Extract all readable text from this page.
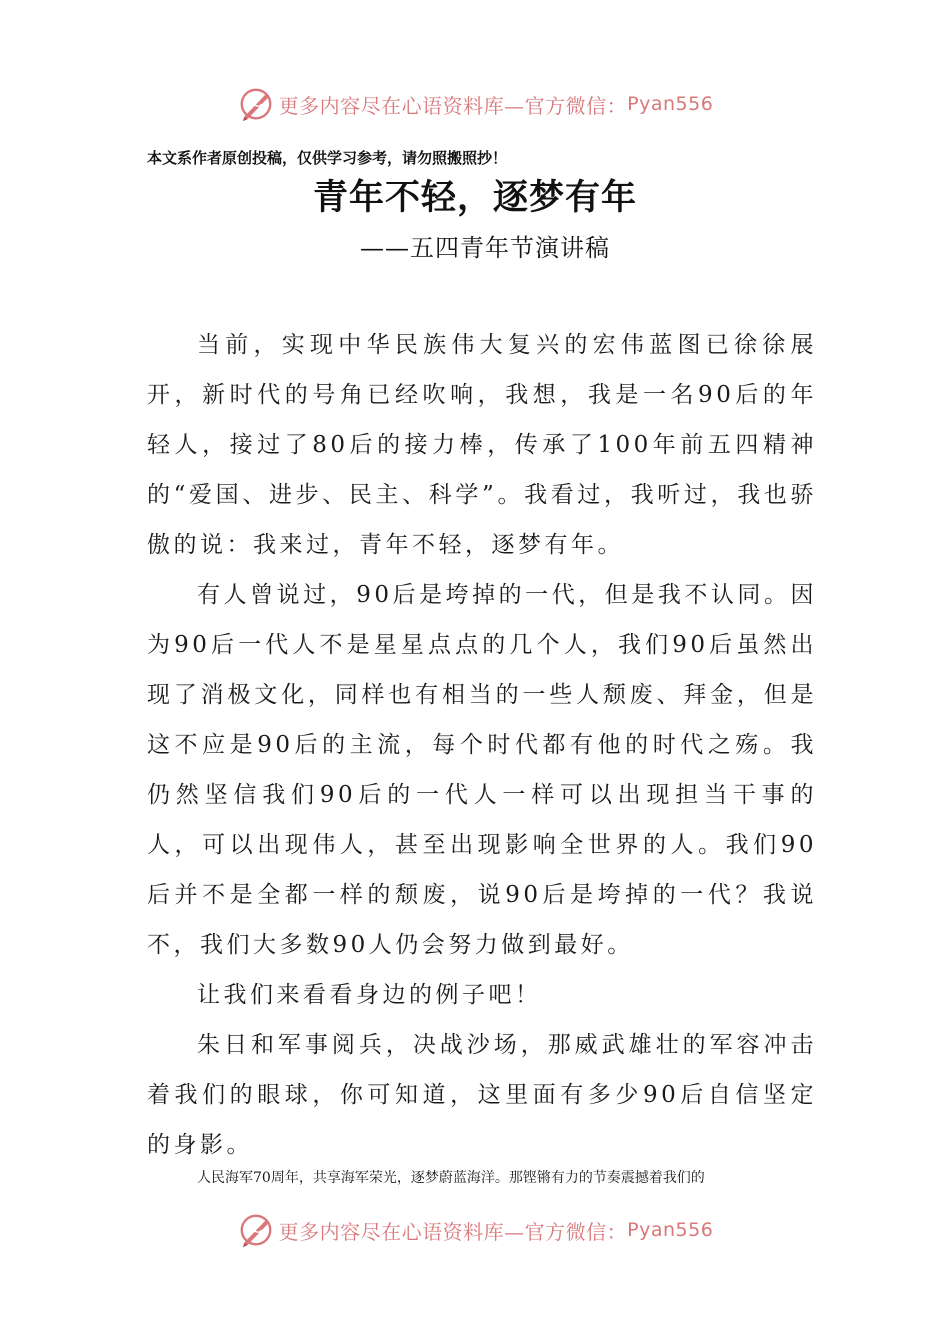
更多内容尽在心语资料库—官方微信： Pyan556
本文系作者原创投稿，仅供学习参考，请勿照搬照抄！
青年不轻，逐梦有年
——五四青年节演讲稿

当前，实现中华民族伟大复兴的宏伟蓝图已徐徐展开，新时代的号角已经吹响，我想，我是一名90后的年轻人，接过了80后的接力棒，传承了100年前五四精神的“爱国、进步、民主、科学”。我看过，我听过，我也骄傲的说：我来过，青年不轻，逐梦有年。

有人曾说过，90后是垮掉的一代，但是我不认同。因为90后一代人不是星星点点的几个人，我们90后虽然出现了消极文化，同样也有相当的一些人颓废、拜金，但是这不应是90后的主流，每个时代都有他的时代之殇。我仍然坚信我们90后的一代人一样可以出现担当干事的人，可以出现伟人，甚至出现影响全世界的人。我们90后并不是全都一样的颓废，说90后是垮掉的一代？我说不，我们大多数90人仍会努力做到最好。

让我们来看看身边的例子吧！

朱日和军事阅兵，决战沙场，那威武雄壮的军容冲击着我们的眼球，你可知道，这里面有多少90后自信坚定的身影。

人民海军70周年，共享海军荣光，逐梦蔚蓝海洋。那铿锵有力的节奏震撼着我们的
更多内容尽在心语资料库—官方微信： Pyan556
